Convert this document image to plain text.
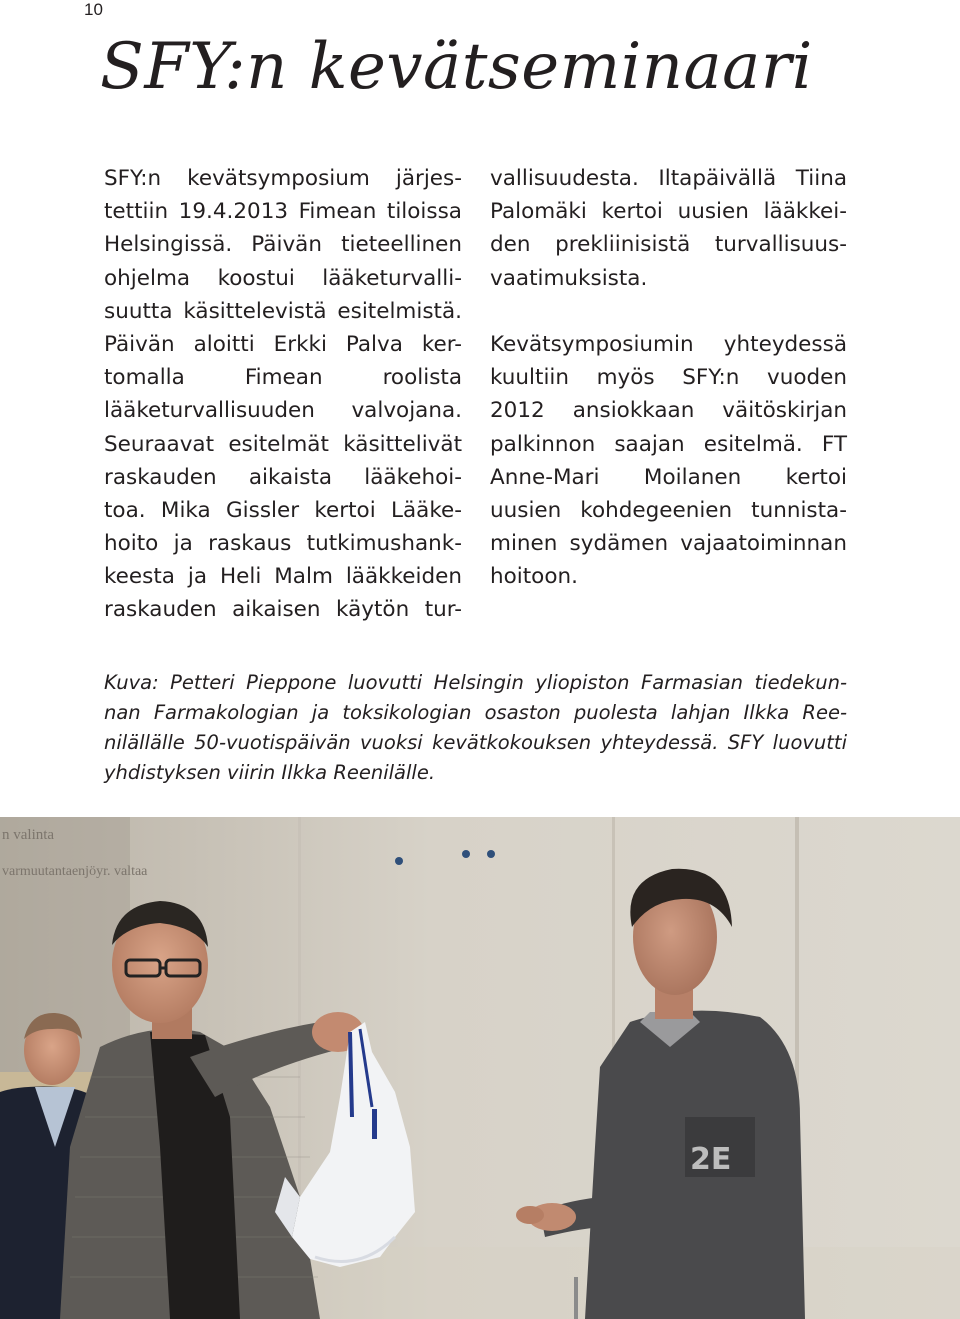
10
SFY:n kevätseminaari
SFY:n kevätsymposium järjes-
tettiin 19.4.2013 Fimean tiloissa
Helsingissä. Päivän tieteellinen
ohjelma koostui lääketurvalli-
suutta käsittelevistä esitelmistä.
Päivän aloitti Erkki Palva ker-
tomalla Fimean roolista
lääketurvallisuuden valvojana.
Seuraavat esitelmät käsittelivät
raskauden aikaista lääkehoi-
toa. Mika Gissler kertoi Lääke-
hoito ja raskaus tutkimushank-
keesta ja Heli Malm lääkkeiden
raskauden aikaisen käytön tur-
vallisuudesta. Iltapäivällä Tiina
Palomäki kertoi uusien lääkkei-
den prekliinisistä turvallisuus-
vaatimuksista.
Kevätsymposiumin yhteydessä
kuultiin myös SFY:n vuoden
2012 ansiokkaan väitöskirjan
palkinnon saajan esitelmä. FT
Anne-Mari Moilanen kertoi
uusien kohdegeenien tunnista-
minen sydämen vajaatoiminnan
hoitoon.
Kuva: Petteri Pieppone luovutti Helsingin yliopiston Farmasian tiedekun-
nan Farmakologian ja toksikologian osaston puolesta lahjan Ilkka Ree-
nilällälle 50-vuotispäivän vuoksi kevätkokouksen yhteydessä. SFY luovutti
yhdistyksen viirin Ilkka Reenilälle.
n valinta
varmuutantaenjöyr. valtaa
2E
